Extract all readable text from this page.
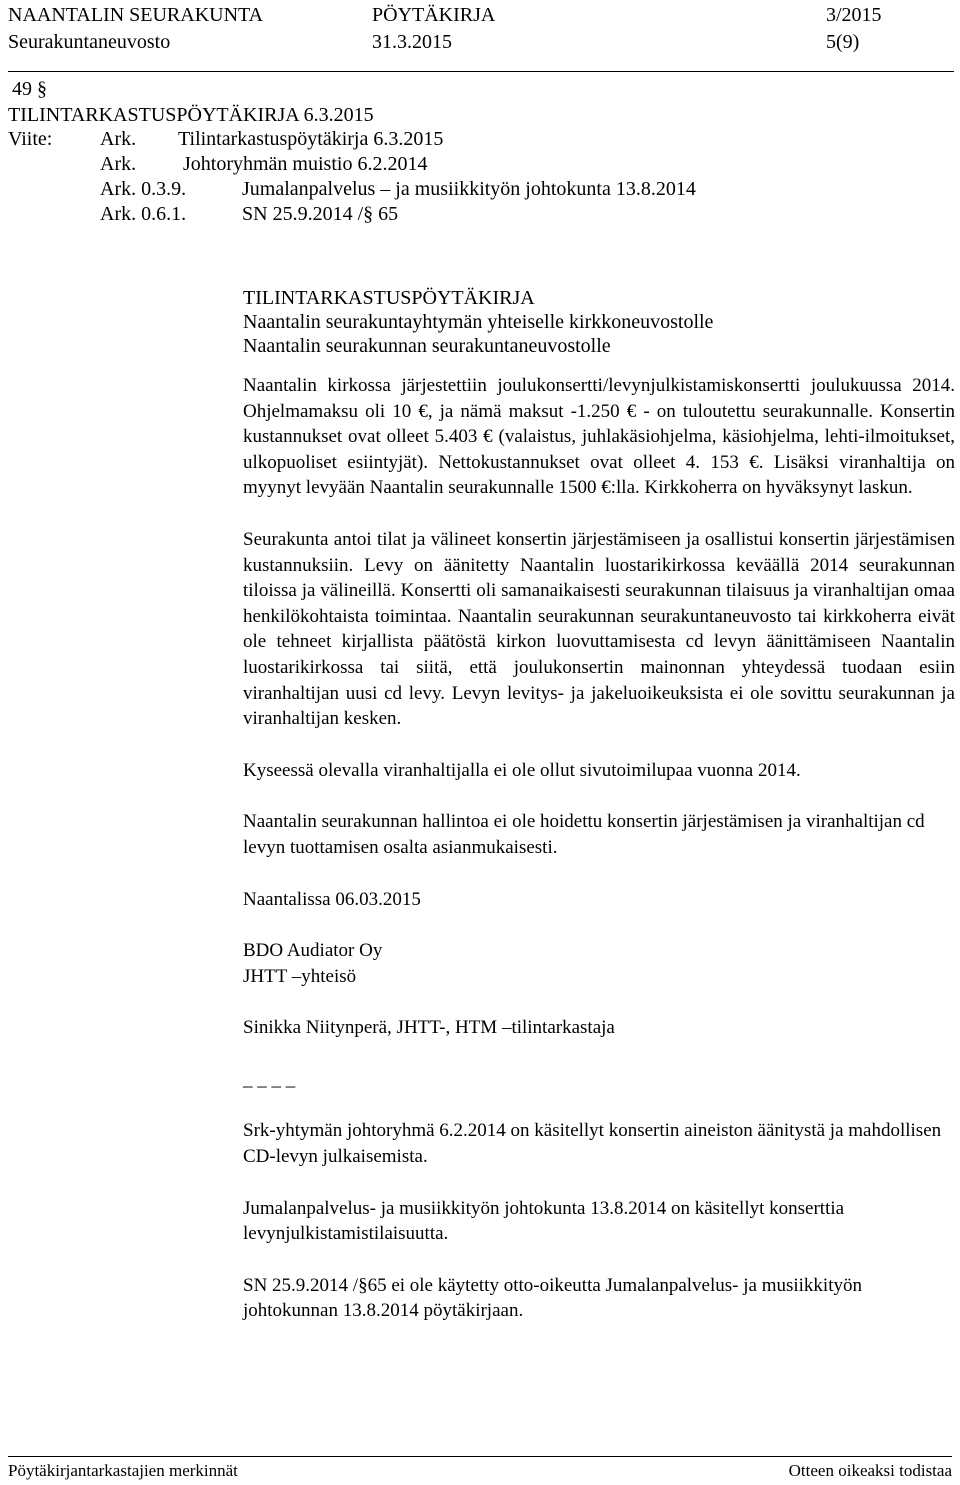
NAANTALIN SEURAKUNTA	PÖYTÄKIRJA	3/2015
Seurakuntaneuvosto	31.3.2015	5(9)
49 §
TILINTARKASTUSPÖYTÄKIRJA 6.3.2015
Viite: Ark. Tilintarkastuspöytäkirja 6.3.2015
Ark. Johtoryhmän muistio 6.2.2014
Ark. 0.3.9.	Jumalanpalvelus – ja musiikkityön johtokunta 13.8.2014
Ark. 0.6.1.	SN 25.9.2014 /§ 65

TILINTARKASTUSPÖYTÄKIRJA

Naantalin seurakuntayhtymän yhteiselle kirkkoneuvostolle

Naantalin seurakunnan seurakuntaneuvostolle

Naantalin kirkossa järjestettiin joulukonsertti/levynjulkistamiskonsertti joulukuussa 2014. Ohjelmamaksu oli 10 €, ja nämä maksut -1.250 € - on tuloutettu seurakunnalle. Konsertin kustannukset ovat olleet 5.403 € (valaistus, juhlakäsiohjelma, käsiohjelma, lehti-ilmoitukset, ulkopuoliset esiintyjät). Nettokustannukset ovat olleet 4. 153 €. Lisäksi viranhaltija on myynyt levyään Naantalin seurakunnalle 1500 €:lla. Kirkkoherra on hyväksynyt laskun.

Seurakunta antoi tilat ja välineet konsertin järjestämiseen ja osallistui konsertin järjestämisen kustannuksiin. Levy on äänitetty Naantalin luostarikirkossa keväällä 2014 seurakunnan tiloissa ja välineillä. Konsertti oli samanaikaisesti seurakunnan tilaisuus ja viranhaltijan omaa henkilökohtaista toimintaa. Naantalin seurakunnan seurakuntaneuvosto tai kirkkoherra eivät ole tehneet kirjallista päätöstä kirkon luovuttamisesta cd levyn äänittämiseen Naantalin luostarikirkossa tai siitä, että joulukonsertin mainonnan yhteydessä tuodaan esiin viranhaltijan uusi cd levy. Levyn levitys- ja jakeluoikeuksista ei ole sovittu seurakunnan ja viranhaltijan kesken.

Kyseessä olevalla viranhaltijalla ei ole ollut sivutoimilupaa vuonna 2014.

Naantalin seurakunnan hallintoa ei ole hoidettu konsertin järjestämisen ja viranhaltijan cd levyn tuottamisen osalta asianmukaisesti.

Naantalissa 06.03.2015

BDO Audiator Oy

JHTT –yhteisö

Sinikka Niitynperä, JHTT-, HTM –tilintarkastaja

_ _ _ _

Srk-yhtymän johtoryhmä 6.2.2014 on käsitellyt konsertin aineiston äänitystä ja mahdollisen CD-levyn julkaisemista.

Jumalanpalvelus- ja musiikkityön johtokunta 13.8.2014 on käsitellyt konserttia levynjulkistamistilaisuutta.

SN 25.9.2014 /§65 ei ole käytetty otto-oikeutta Jumalanpalvelus- ja musiikkityön johtokunnan 13.8.2014 pöytäkirjaan.

Pöytäkirjantarkastajien merkinnät	Otteen oikeaksi todistaa
